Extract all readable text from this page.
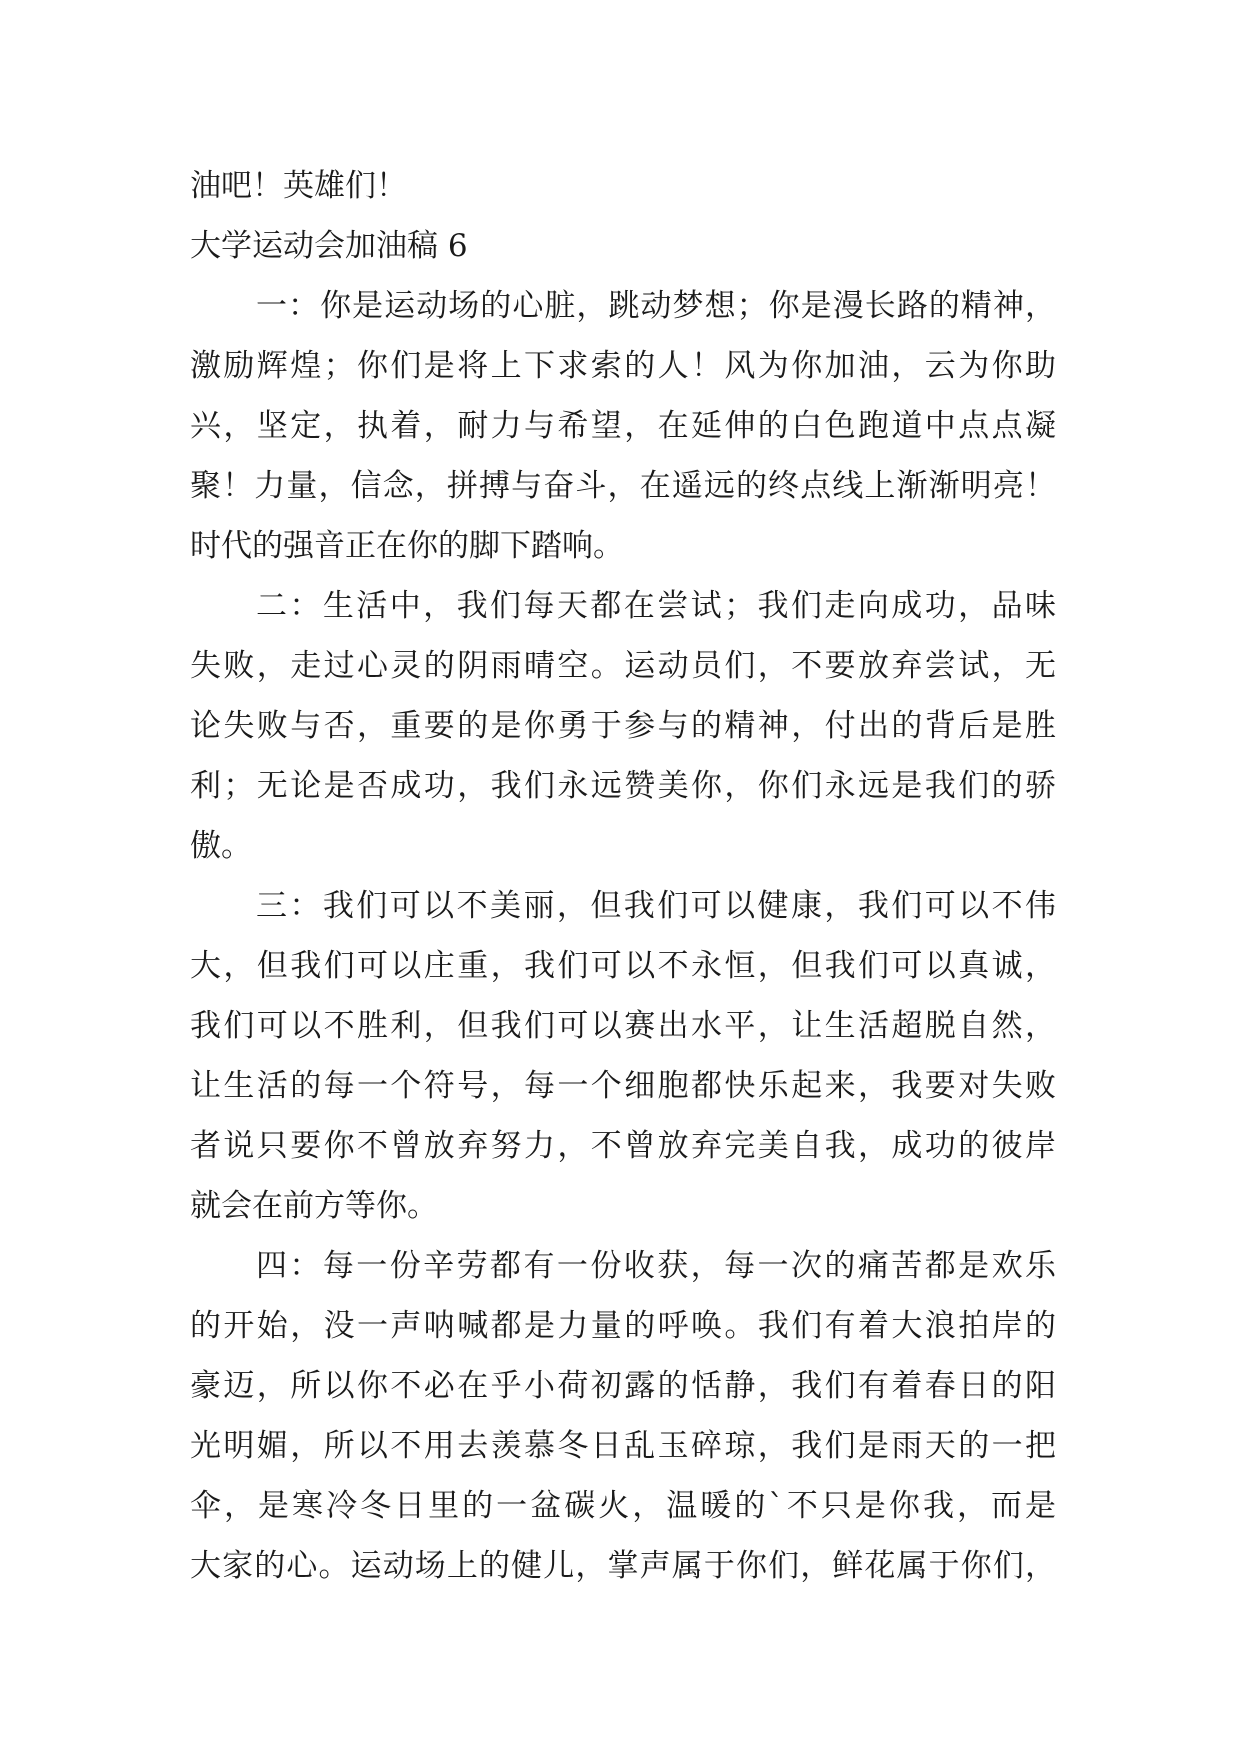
油吧！英雄们！
大学运动会加油稿 6
一：你是运动场的心脏，跳动梦想；你是漫长路的精神，
激励辉煌；你们是将上下求索的人！风为你加油，云为你助
兴，坚定，执着，耐力与希望，在延伸的白色跑道中点点凝
聚！力量，信念，拼搏与奋斗，在遥远的终点线上渐渐明亮！
时代的强音正在你的脚下踏响。
二：生活中，我们每天都在尝试；我们走向成功，品味
失败，走过心灵的阴雨晴空。运动员们，不要放弃尝试，无
论失败与否，重要的是你勇于参与的精神，付出的背后是胜
利；无论是否成功，我们永远赞美你，你们永远是我们的骄
傲。
三：我们可以不美丽，但我们可以健康，我们可以不伟
大，但我们可以庄重，我们可以不永恒，但我们可以真诚，
我们可以不胜利，但我们可以赛出水平，让生活超脱自然，
让生活的每一个符号，每一个细胞都快乐起来，我要对失败
者说只要你不曾放弃努力，不曾放弃完美自我，成功的彼岸
就会在前方等你。
四：每一份辛劳都有一份收获，每一次的痛苦都是欢乐
的开始，没一声呐喊都是力量的呼唤。我们有着大浪拍岸的
豪迈，所以你不必在乎小荷初露的恬静，我们有着春日的阳
光明媚，所以不用去羡慕冬日乱玉碎琼，我们是雨天的一把
伞，是寒冷冬日里的一盆碳火，温暖的`不只是你我，而是
大家的心。运动场上的健儿，掌声属于你们，鲜花属于你们，
